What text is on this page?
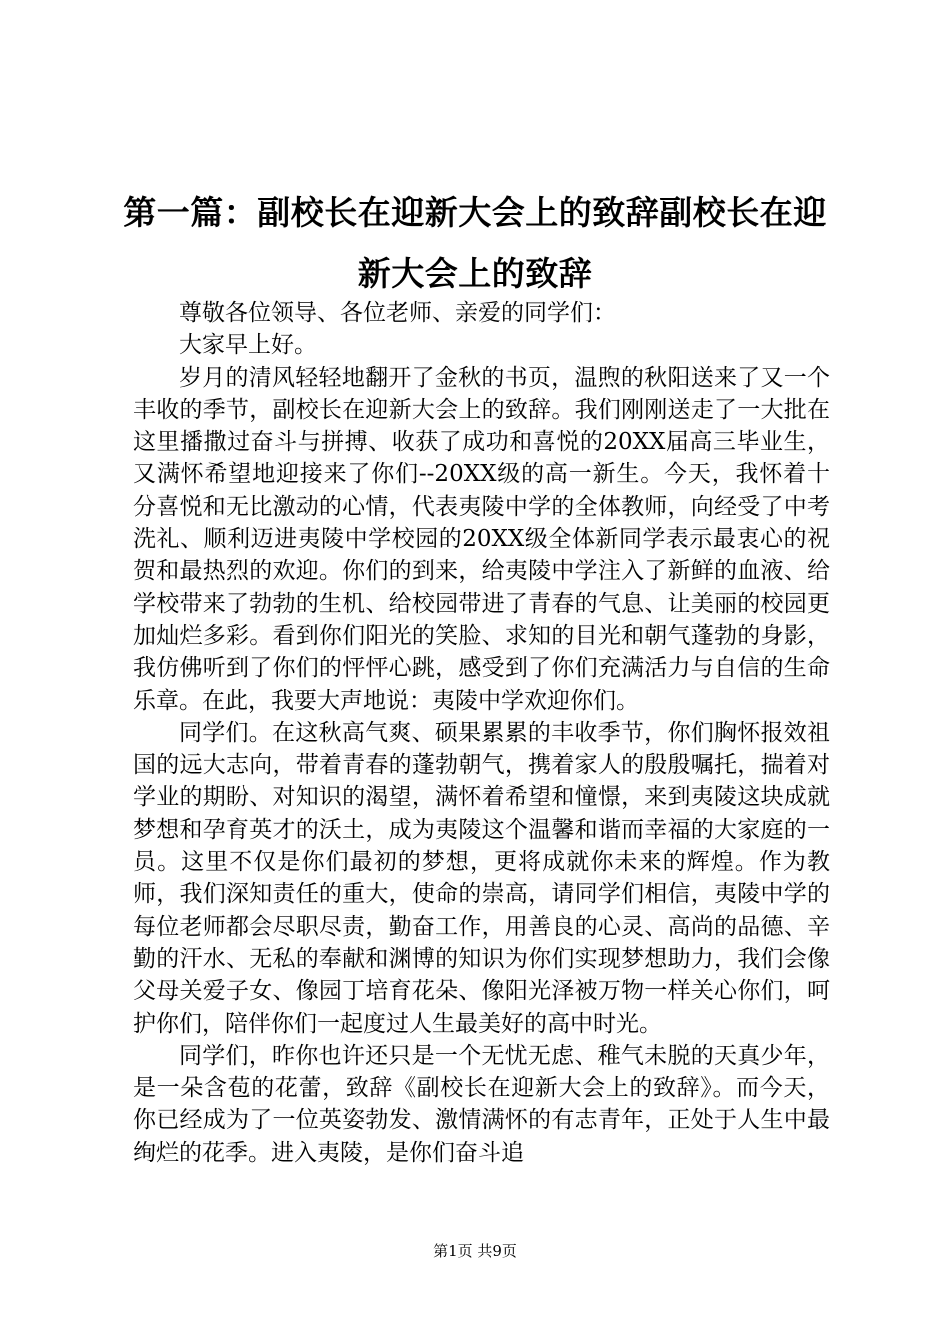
第一篇：副校长在迎新大会上的致辞副校长在迎新大会上的致辞

尊敬各位领导、各位老师、亲爱的同学们：

大家早上好。

岁月的清风轻轻地翻开了金秋的书页，温煦的秋阳送来了又一个丰收的季节，副校长在迎新大会上的致辞。我们刚刚送走了一大批在这里播撒过奋斗与拼搏、收获了成功和喜悦的20XX届高三毕业生，又满怀希望地迎接来了你们--20XX级的高一新生。今天，我怀着十分喜悦和无比激动的心情，代表夷陵中学的全体教师，向经受了中考洗礼、顺利迈进夷陵中学校园的20XX级全体新同学表示最衷心的祝贺和最热烈的欢迎。你们的到来，给夷陵中学注入了新鲜的血液、给学校带来了勃勃的生机、给校园带进了青春的气息、让美丽的校园更加灿烂多彩。看到你们阳光的笑脸、求知的目光和朝气蓬勃的身影，我仿佛听到了你们的怦怦心跳，感受到了你们充满活力与自信的生命乐章。在此，我要大声地说：夷陵中学欢迎你们。

同学们。在这秋高气爽、硕果累累的丰收季节，你们胸怀报效祖国的远大志向，带着青春的蓬勃朝气，携着家人的殷殷嘱托，揣着对学业的期盼、对知识的渴望，满怀着希望和憧憬，来到夷陵这块成就梦想和孕育英才的沃土，成为夷陵这个温馨和谐而幸福的大家庭的一员。这里不仅是你们最初的梦想，更将成就你未来的辉煌。作为教师，我们深知责任的重大，使命的崇高，请同学们相信，夷陵中学的每位老师都会尽职尽责，勤奋工作，用善良的心灵、高尚的品德、辛勤的汗水、无私的奉献和渊博的知识为你们实现梦想助力，我们会像父母关爱子女、像园丁培育花朵、像阳光泽被万物一样关心你们，呵护你们，陪伴你们一起度过人生最美好的高中时光。

同学们，昨你也许还只是一个无忧无虑、稚气未脱的天真少年，是一朵含苞的花蕾，致辞《副校长在迎新大会上的致辞》。而今天，你已经成为了一位英姿勃发、激情满怀的有志青年，正处于人生中最绚烂的花季。进入夷陵，是你们奋斗追

第1页 共9页
